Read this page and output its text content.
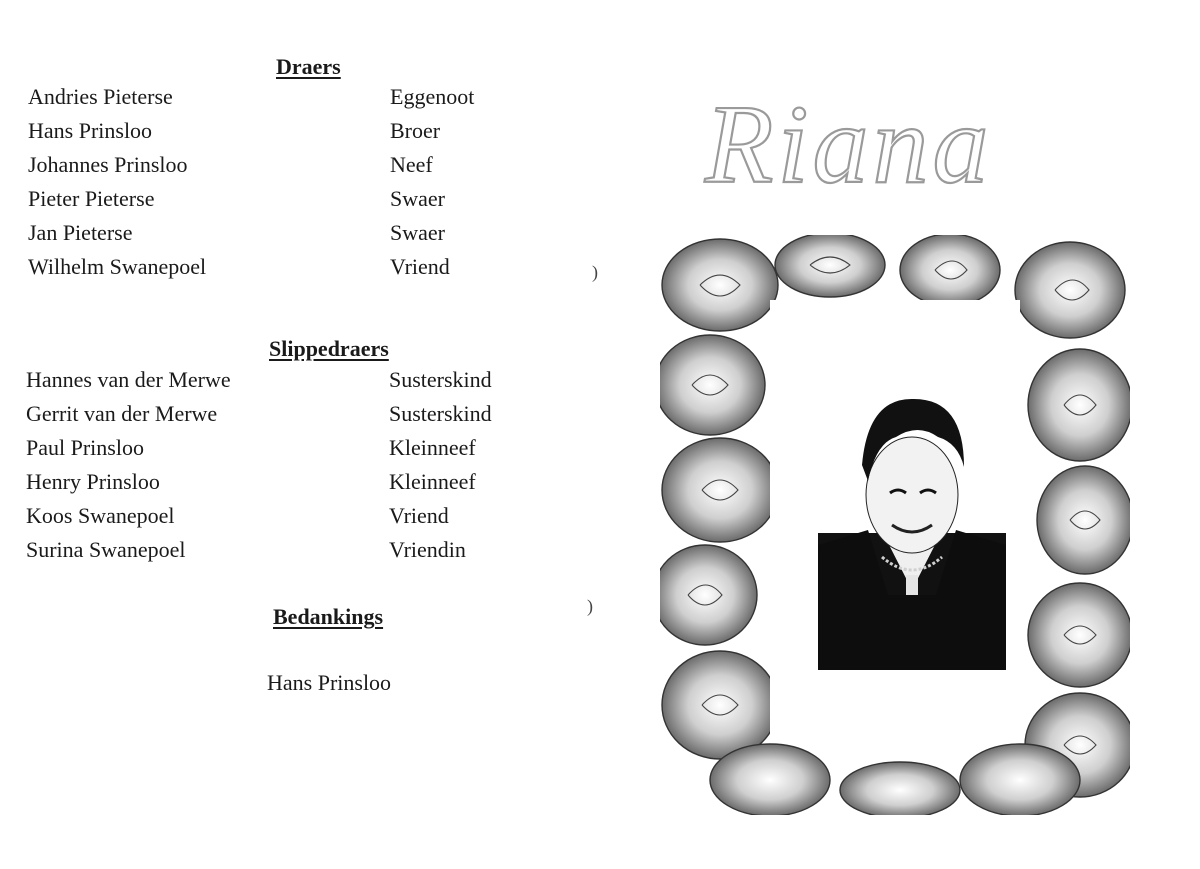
Draers
Andries Pieterse	Eggenoot
Hans Prinsloo	Broer
Johannes Prinsloo	Neef
Pieter Pieterse	Swaer
Jan Pieterse	Swaer
Wilhelm Swanepoel	Vriend
Slippedraers
Hannes van der Merwe	Susterskind
Gerrit van der Merwe	Susterskind
Paul Prinsloo	Kleinneef
Henry Prinsloo	Kleinneef
Koos Swanepoel	Vriend
Surina Swanepoel	Vriendin
Bedankings
Hans Prinsloo
)
)
Riana
